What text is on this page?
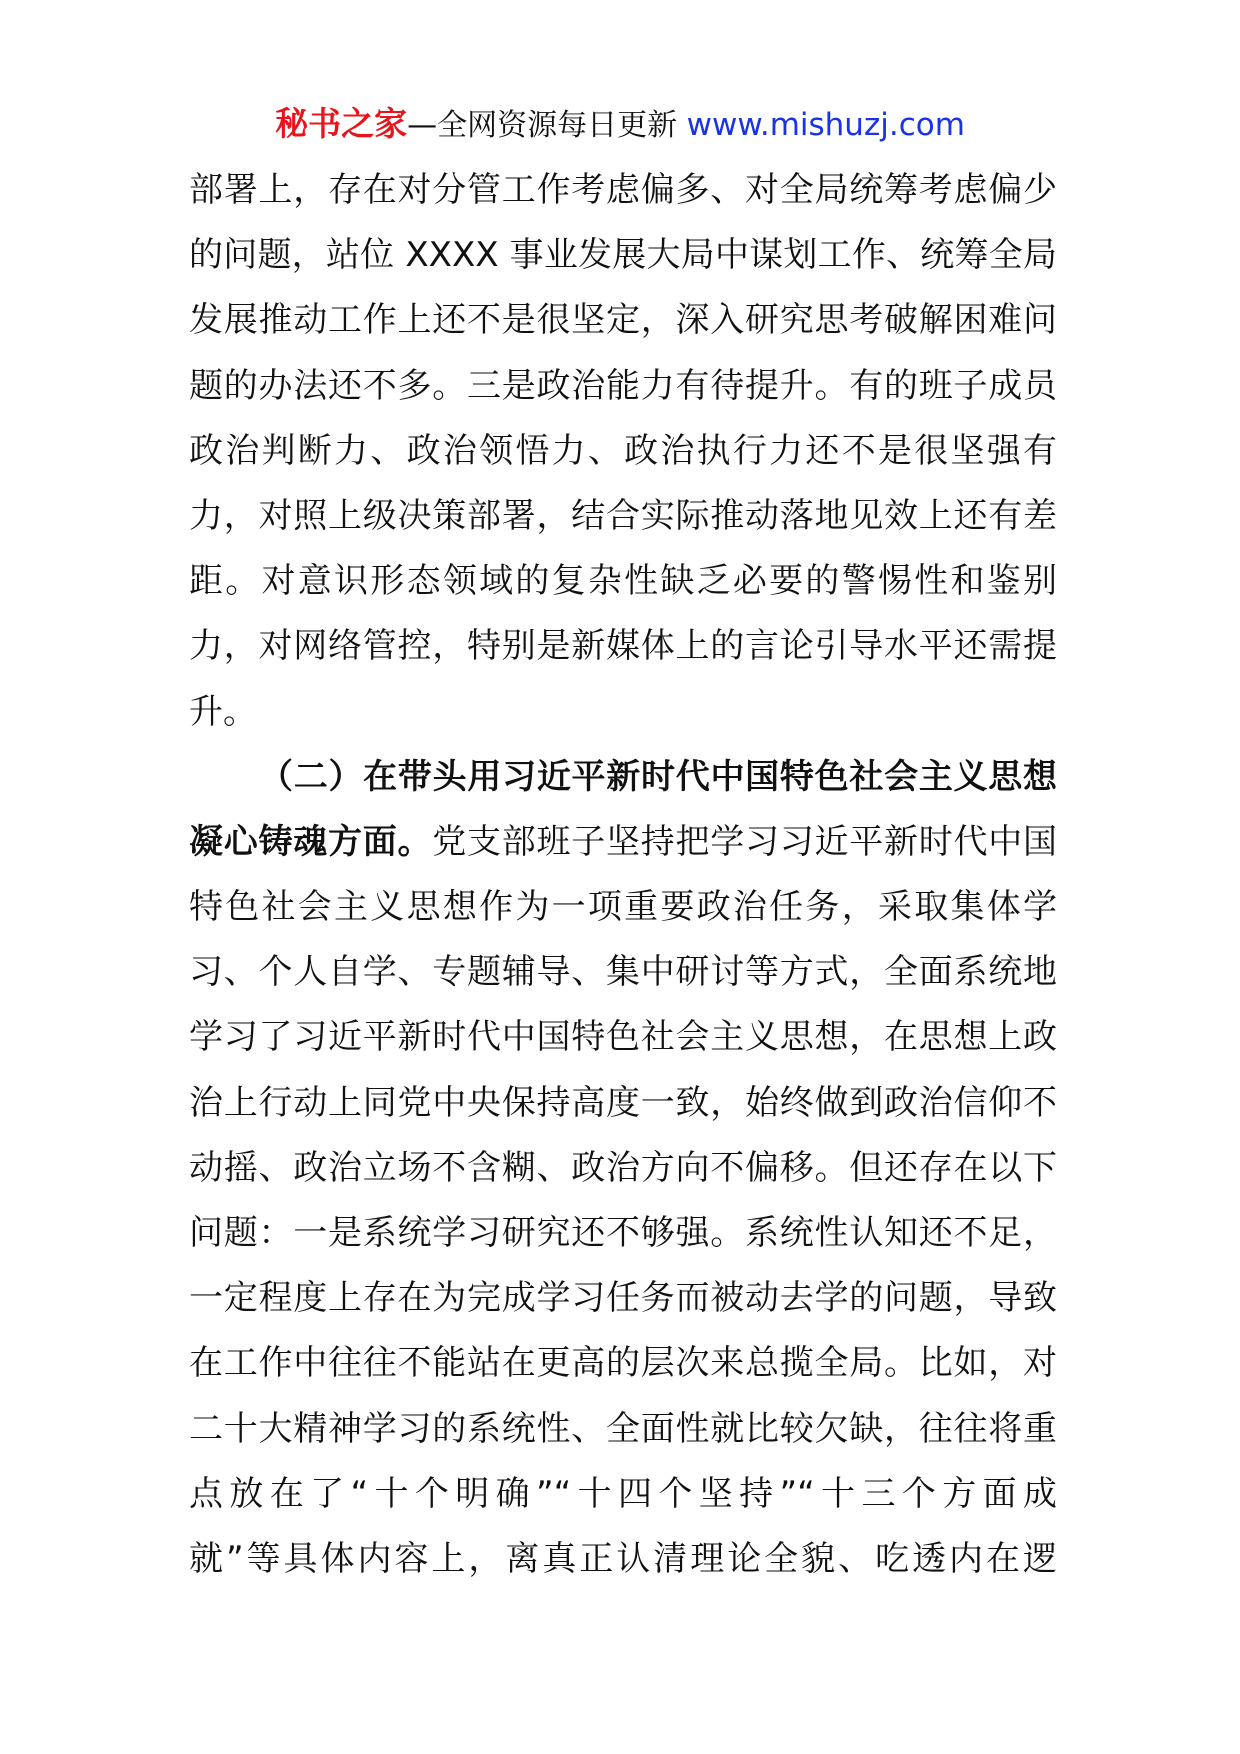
秘书之家—全网资源每日更新 www.mishuzj.com
部署上，存在对分管工作考虑偏多、对全局统筹考虑偏少
的问题，站位 XXXX 事业发展大局中谋划工作、统筹全局
发展推动工作上还不是很坚定，深入研究思考破解困难问
题的办法还不多。三是政治能力有待提升。有的班子成员
政治判断力、政治领悟力、政治执行力还不是很坚强有
力，对照上级决策部署，结合实际推动落地见效上还有差
距。对意识形态领域的复杂性缺乏必要的警惕性和鉴别
力，对网络管控，特别是新媒体上的言论引导水平还需提
升。
（二）在带头用习近平新时代中国特色社会主义思想
凝心铸魂方面。党支部班子坚持把学习习近平新时代中国
特色社会主义思想作为一项重要政治任务，采取集体学
习、个人自学、专题辅导、集中研讨等方式，全面系统地
学习了习近平新时代中国特色社会主义思想，在思想上政
治上行动上同党中央保持高度一致，始终做到政治信仰不
动摇、政治立场不含糊、政治方向不偏移。但还存在以下
问题：一是系统学习研究还不够强。系统性认知还不足，
一定程度上存在为完成学习任务而被动去学的问题，导致
在工作中往往不能站在更高的层次来总揽全局。比如，对
二十大精神学习的系统性、全面性就比较欠缺，往往将重
点放在了“十个明确”“十四个坚持”“十三个方面成
就”等具体内容上，离真正认清理论全貌、吃透内在逻
